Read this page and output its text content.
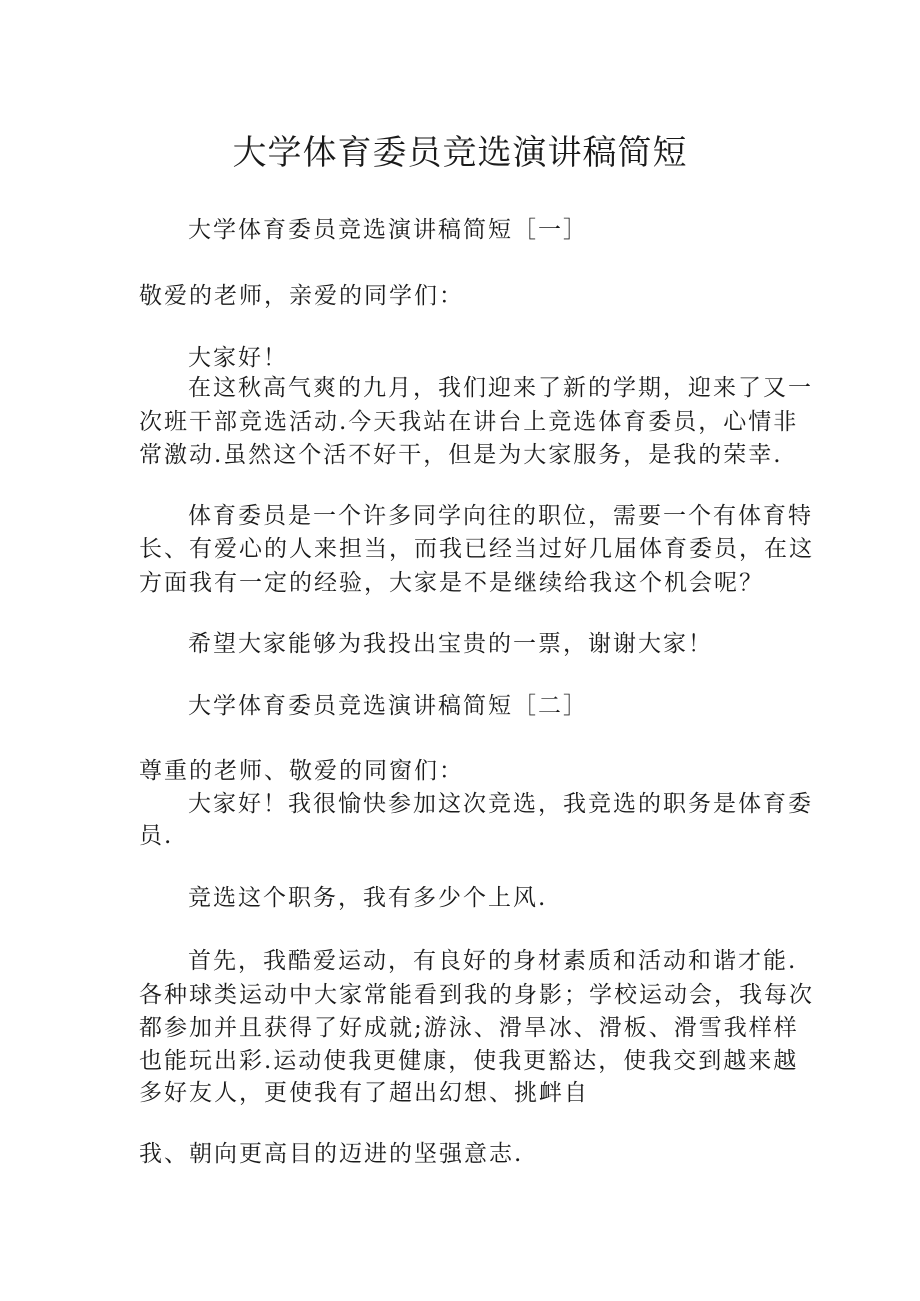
大学体育委员竞选演讲稿简短
大学体育委员竞选演讲稿简短［一］
敬爱的老师，亲爱的同学们：
大家好！
在这秋高气爽的九月，我们迎来了新的学期，迎来了又一
次班干部竞选活动.今天我站在讲台上竞选体育委员，心情非
常激动.虽然这个活不好干，但是为大家服务，是我的荣幸.
体育委员是一个许多同学向往的职位，需要一个有体育特
长、有爱心的人来担当，而我已经当过好几届体育委员，在这
方面我有一定的经验，大家是不是继续给我这个机会呢？
希望大家能够为我投出宝贵的一票，谢谢大家！
大学体育委员竞选演讲稿简短［二］
尊重的老师、敬爱的同窗们：
大家好！我很愉快参加这次竞选，我竞选的职务是体育委
员.
竞选这个职务，我有多少个上风.
首先，我酷爱运动，有良好的身材素质和活动和谐才能.
各种球类运动中大家常能看到我的身影；学校运动会，我每次
都参加并且获得了好成就;游泳、滑旱冰、滑板、滑雪我样样
也能玩出彩.运动使我更健康，使我更豁达，使我交到越来越
多好友人，更使我有了超出幻想、挑衅自
我、朝向更高目的迈进的坚强意志.
